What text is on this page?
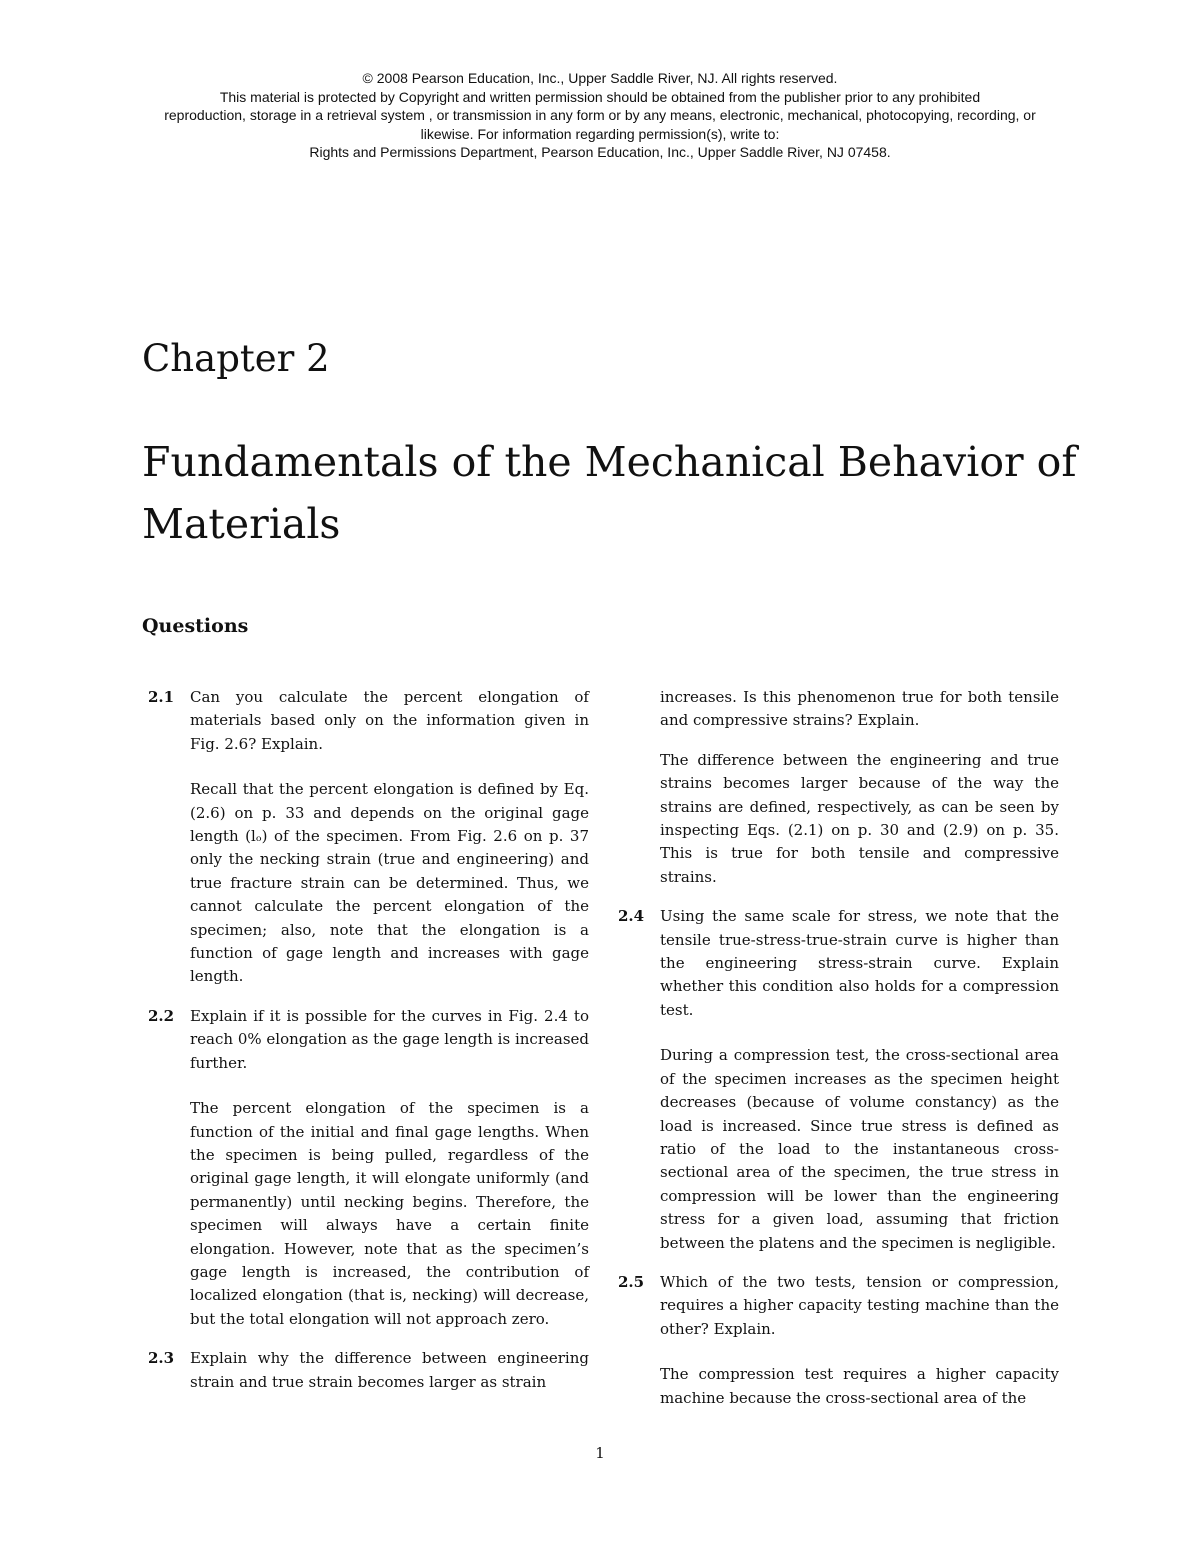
© 2008 Pearson Education, Inc., Upper Saddle River, NJ. All rights reserved.
This material is protected by Copyright and written permission should be obtained from the publisher prior to any prohibited
reproduction, storage in a retrieval system , or transmission in any form or by any means, electronic, mechanical, photocopying, recording, or
likewise. For information regarding permission(s), write to:
Rights and Permissions Department, Pearson Education, Inc., Upper Saddle River, NJ 07458.
Chapter 2
Fundamentals of the Mechanical Behavior of Materials
Questions

2.1 Can you calculate the percent elongation of materials based only on the information given in Fig. 2.6? Explain.

Recall that the percent elongation is defined by Eq. (2.6) on p. 33 and depends on the original gage length (lₒ) of the specimen. From Fig. 2.6 on p. 37 only the necking strain (true and engineering) and true fracture strain can be determined. Thus, we cannot calculate the percent elongation of the specimen; also, note that the elongation is a function of gage length and increases with gage length.

2.2 Explain if it is possible for the curves in Fig. 2.4 to reach 0% elongation as the gage length is increased further.

The percent elongation of the specimen is a function of the initial and final gage lengths. When the specimen is being pulled, regardless of the original gage length, it will elongate uniformly (and permanently) until necking begins. Therefore, the specimen will always have a certain finite elongation. However, note that as the specimen’s gage length is increased, the contribution of localized elongation (that is, necking) will decrease, but the total elongation will not approach zero.

2.3 Explain why the difference between engineering strain and true strain becomes larger as strain

increases. Is this phenomenon true for both tensile and compressive strains? Explain.

The difference between the engineering and true strains becomes larger because of the way the strains are defined, respectively, as can be seen by inspecting Eqs. (2.1) on p. 30 and (2.9) on p. 35. This is true for both tensile and compressive strains.

2.4 Using the same scale for stress, we note that the tensile true-stress-true-strain curve is higher than the engineering stress-strain curve. Explain whether this condition also holds for a compression test.

During a compression test, the cross-sectional area of the specimen increases as the specimen height decreases (because of volume constancy) as the load is increased. Since true stress is defined as ratio of the load to the instantaneous cross-sectional area of the specimen, the true stress in compression will be lower than the engineering stress for a given load, assuming that friction between the platens and the specimen is negligible.

2.5 Which of the two tests, tension or compression, requires a higher capacity testing machine than the other? Explain.

The compression test requires a higher capacity machine because the cross-sectional area of the

1
